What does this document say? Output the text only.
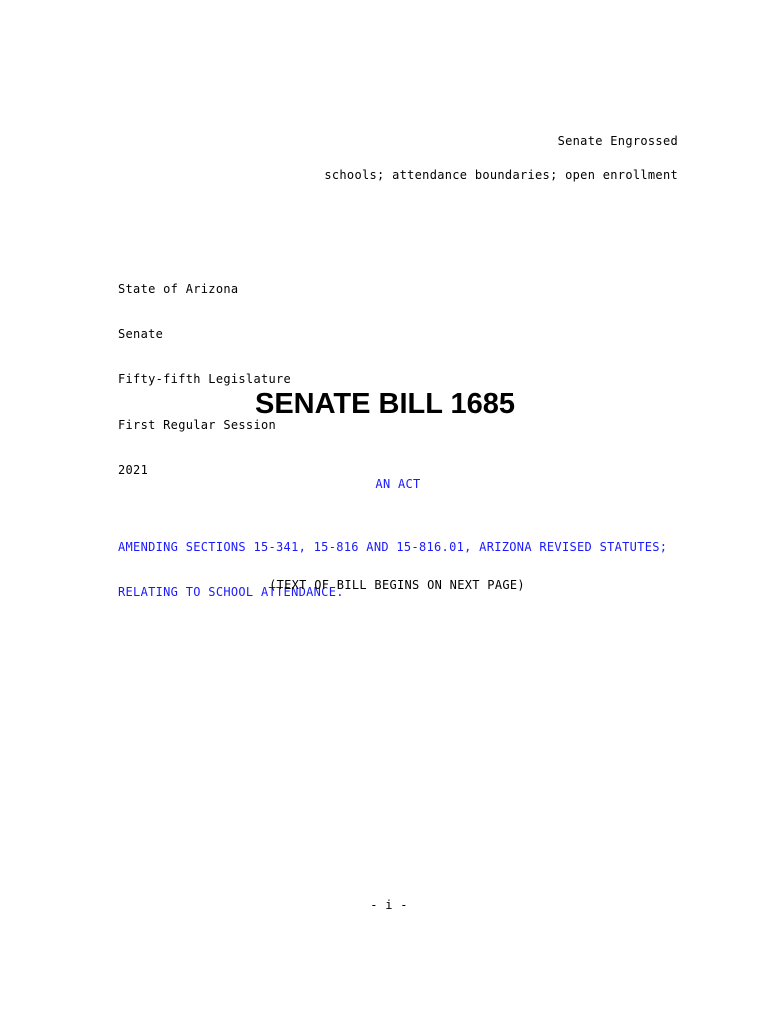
Senate Engrossed
schools; attendance boundaries; open enrollment

State of Arizona

Senate

Fifty-fifth Legislature

First Regular Session

2021

SENATE BILL 1685
AN ACT

AMENDING SECTIONS 15-341, 15-816 AND 15-816.01, ARIZONA REVISED STATUTES;

RELATING TO SCHOOL ATTENDANCE.

(TEXT OF BILL BEGINS ON NEXT PAGE)
- i -
